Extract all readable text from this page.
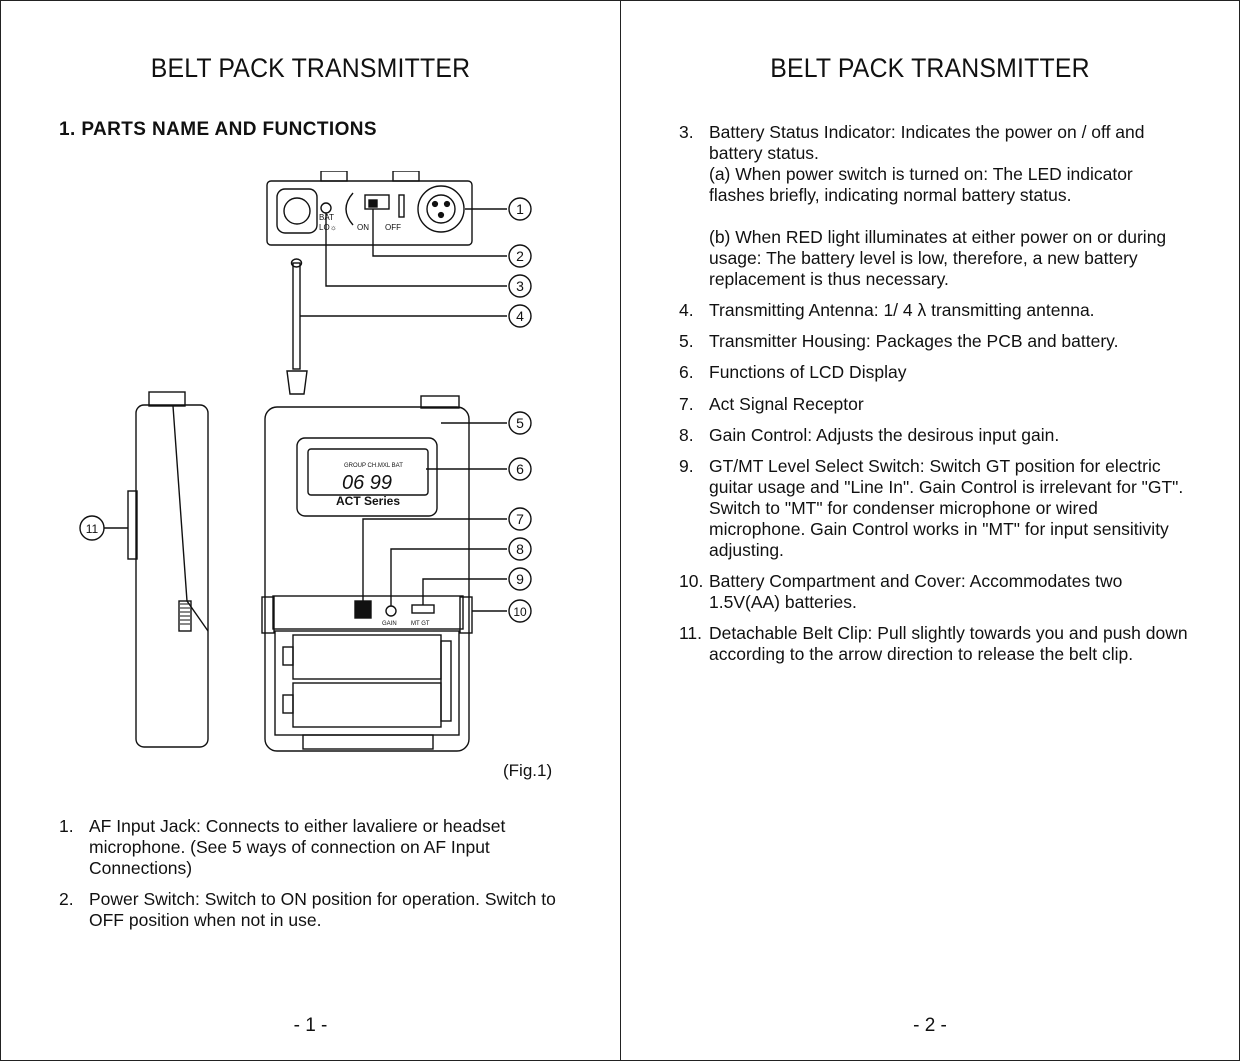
BELT PACK TRANSMITTER
1. PARTS NAME AND FUNCTIONS
1
2
3
4
5
6
7
8
9
10
11
BAT
LO☼ ON OFF
GROUP CH.MXL BAT
06 99
ACT Series
GAIN MT GT
(Fig.1)
1. AF Input Jack: Connects to either lavaliere or headset microphone. (See 5 ways of connection on AF Input Connections)
2. Power Switch: Switch to ON position for operation. Switch to OFF position when not in use.
- 1 -
BELT PACK TRANSMITTER
3. Battery Status Indicator: Indicates the power on / off and battery status.
(a) When power switch is turned on: The LED indicator flashes briefly, indicating normal battery status.
(b) When RED light illuminates at either power on or during usage: The battery level is low, therefore, a new battery replacement is thus necessary.
4. Transmitting Antenna: 1/ 4 λ transmitting antenna.
5. Transmitter Housing: Packages the PCB and battery.
6. Functions of LCD Display
7. Act Signal Receptor
8. Gain Control: Adjusts the desirous input gain.
9. GT/MT Level Select Switch: Switch GT position for electric guitar usage and "Line In". Gain Control is irrelevant for "GT". Switch to "MT" for condenser microphone or wired microphone. Gain Control works in "MT" for input sensitivity adjusting.
10. Battery Compartment and Cover: Accommodates two 1.5V(AA) batteries.
11. Detachable Belt Clip: Pull slightly towards you and push down according to the arrow direction to release the belt clip.
- 2 -
